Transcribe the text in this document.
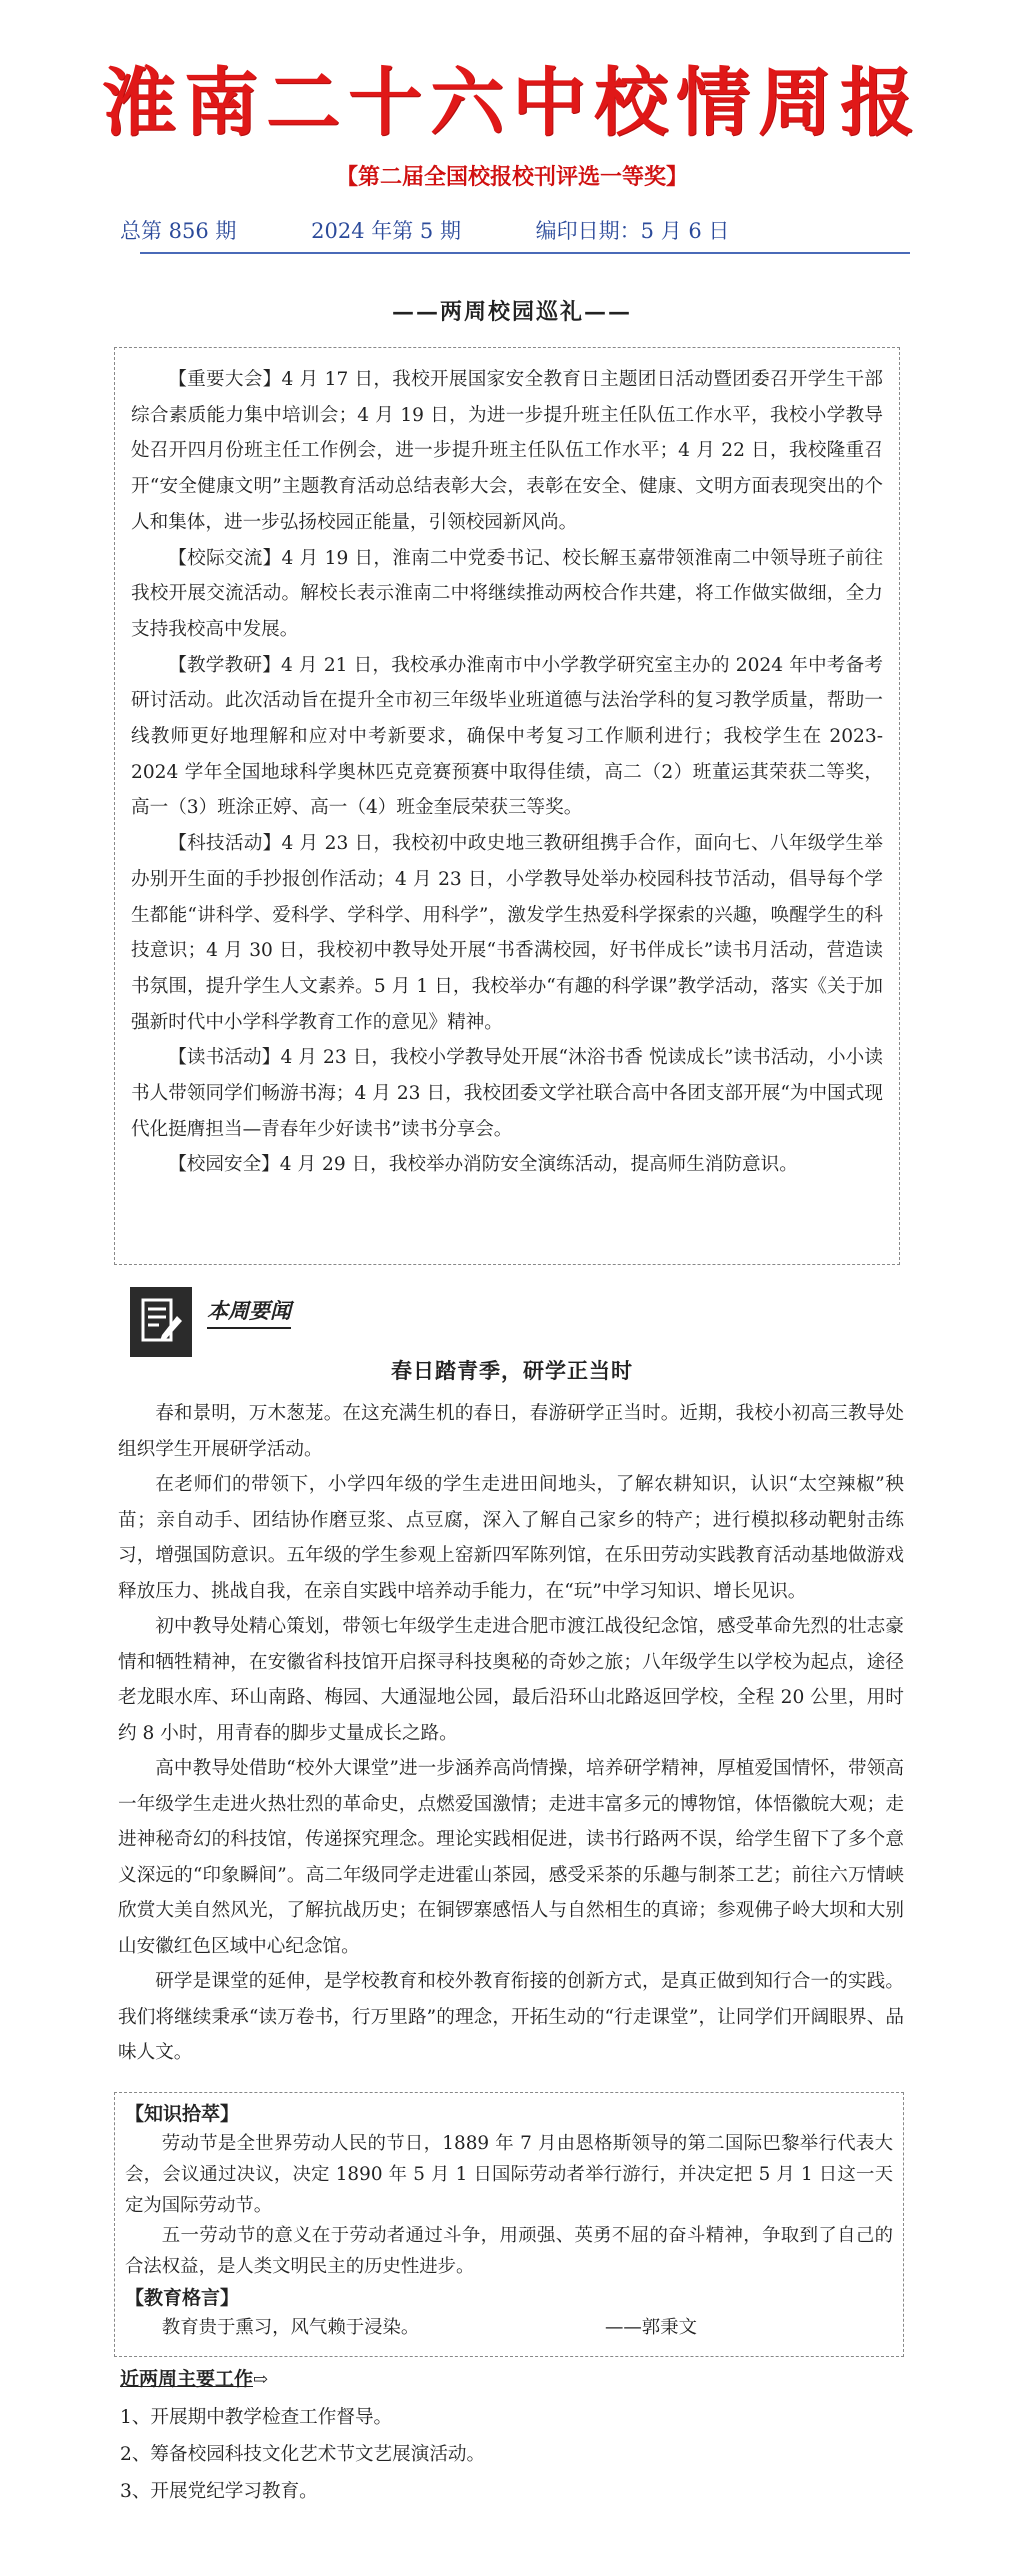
淮南二十六中校情周报
【第二届全国校报校刊评选一等奖】
总第 856 期	2024 年第 5 期	编印日期：5 月 6 日
——两周校园巡礼——

【重要大会】4 月 17 日，我校开展国家安全教育日主题团日活动暨团委召开学生干部综合素质能力集中培训会；4 月 19 日，为进一步提升班主任队伍工作水平，我校小学教导处召开四月份班主任工作例会，进一步提升班主任队伍工作水平；4 月 22 日，我校隆重召开“安全健康文明”主题教育活动总结表彰大会，表彰在安全、健康、文明方面表现突出的个人和集体，进一步弘扬校园正能量，引领校园新风尚。

【校际交流】4 月 19 日，淮南二中党委书记、校长解玉嘉带领淮南二中领导班子前往我校开展交流活动。解校长表示淮南二中将继续推动两校合作共建，将工作做实做细，全力支持我校高中发展。

【教学教研】4 月 21 日，我校承办淮南市中小学教学研究室主办的 2024 年中考备考研讨活动。此次活动旨在提升全市初三年级毕业班道德与法治学科的复习教学质量，帮助一线教师更好地理解和应对中考新要求，确保中考复习工作顺利进行；我校学生在 2023-2024 学年全国地球科学奥林匹克竞赛预赛中取得佳绩，高二（2）班董运萁荣获二等奖，高一（3）班涂正婷、高一（4）班金奎辰荣获三等奖。

【科技活动】4 月 23 日，我校初中政史地三教研组携手合作，面向七、八年级学生举办别开生面的手抄报创作活动；4 月 23 日，小学教导处举办校园科技节活动，倡导每个学生都能“讲科学、爱科学、学科学、用科学”，激发学生热爱科学探索的兴趣，唤醒学生的科技意识；4 月 30 日，我校初中教导处开展“书香满校园，好书伴成长”读书月活动，营造读书氛围，提升学生人文素养。5 月 1 日，我校举办“有趣的科学课”教学活动，落实《关于加强新时代中小学科学教育工作的意见》精神。

【读书活动】4 月 23 日，我校小学教导处开展“沐浴书香 悦读成长”读书活动，小小读书人带领同学们畅游书海；4 月 23 日，我校团委文学社联合高中各团支部开展“为中国式现代化挺膺担当—青春年少好读书”读书分享会。

【校园安全】4 月 29 日，我校举办消防安全演练活动，提高师生消防意识。

本周要闻
春日踏青季，研学正当时

春和景明，万木葱茏。在这充满生机的春日，春游研学正当时。近期，我校小初高三教导处组织学生开展研学活动。

在老师们的带领下，小学四年级的学生走进田间地头，了解农耕知识，认识“太空辣椒”秧苗；亲自动手、团结协作磨豆浆、点豆腐，深入了解自己家乡的特产；进行模拟移动靶射击练习，增强国防意识。五年级的学生参观上窑新四军陈列馆，在乐田劳动实践教育活动基地做游戏释放压力、挑战自我，在亲自实践中培养动手能力，在“玩”中学习知识、增长见识。

初中教导处精心策划，带领七年级学生走进合肥市渡江战役纪念馆，感受革命先烈的壮志豪情和牺牲精神，在安徽省科技馆开启探寻科技奥秘的奇妙之旅；八年级学生以学校为起点，途径老龙眼水库、环山南路、梅园、大通湿地公园，最后沿环山北路返回学校，全程 20 公里，用时约 8 小时，用青春的脚步丈量成长之路。

高中教导处借助“校外大课堂”进一步涵养高尚情操，培养研学精神，厚植爱国情怀，带领高一年级学生走进火热壮烈的革命史，点燃爱国激情；走进丰富多元的博物馆，体悟徽皖大观；走进神秘奇幻的科技馆，传递探究理念。理论实践相促进，读书行路两不误，给学生留下了多个意义深远的“印象瞬间”。高二年级同学走进霍山茶园，感受采茶的乐趣与制茶工艺；前往六万情峡欣赏大美自然风光，了解抗战历史；在铜锣寨感悟人与自然相生的真谛；参观佛子岭大坝和大别山安徽红色区域中心纪念馆。

研学是课堂的延伸，是学校教育和校外教育衔接的创新方式，是真正做到知行合一的实践。我们将继续秉承“读万卷书，行万里路”的理念，开拓生动的“行走课堂”，让同学们开阔眼界、品味人文。

【知识拾萃】

劳动节是全世界劳动人民的节日，1889 年 7 月由恩格斯领导的第二国际巴黎举行代表大会，会议通过决议，决定 1890 年 5 月 1 日国际劳动者举行游行，并决定把 5 月 1 日这一天定为国际劳动节。

五一劳动节的意义在于劳动者通过斗争，用顽强、英勇不屈的奋斗精神，争取到了自己的合法权益，是人类文明民主的历史性进步。

【教育格言】

教育贵于熏习，风气赖于浸染。	——郭秉文

近两周主要工作⇨

1、开展期中教学检查工作督导。

2、筹备校园科技文化艺术节文艺展演活动。

3、开展党纪学习教育。
